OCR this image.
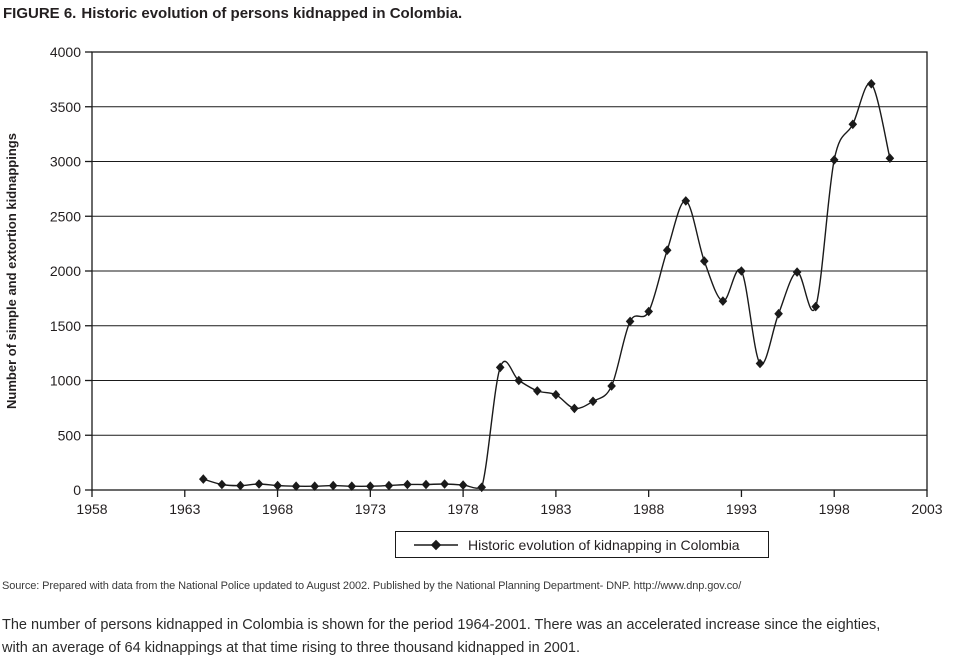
FIGURE 6. Historic evolution of persons kidnapped in Colombia.
0
500
1000
1500
2000
2500
3000
3500
4000
1958	1963	1968	1973	1978	1983	1988	1993	1998	2003
Number of simple and extortion kidnappings
Historic evolution of kidnapping in Colombia
Source: Prepared with data from the National Police updated to August 2002. Published by the National Planning Department- DNP. http://www.dnp.gov.co/
The number of persons kidnapped in Colombia is shown for the period 1964-2001. There was an accelerated increase since the eighties,
with an average of 64 kidnappings at that time rising to three thousand kidnapped in 2001.
